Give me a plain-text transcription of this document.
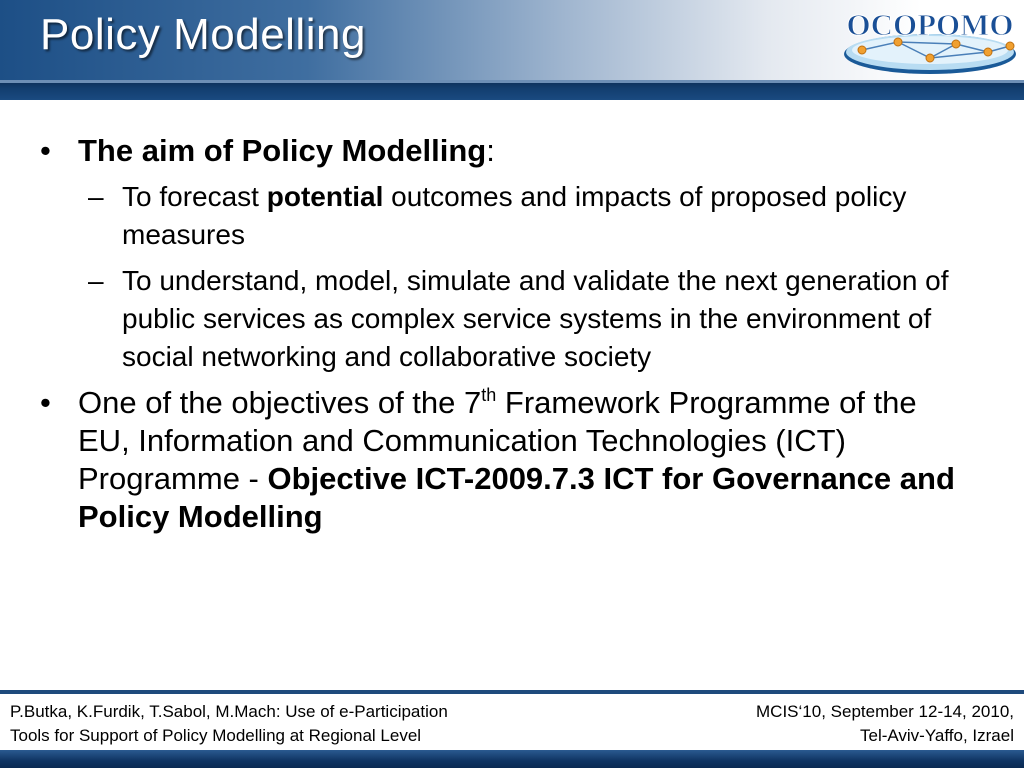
Policy Modelling	OCOPOMO
• The aim of Policy Modelling:
– To forecast potential outcomes and impacts of proposed policy measures
– To understand, model, simulate and validate the next generation of public services as complex service systems in the environment of social networking and collaborative society
• One of the objectives of the 7th Framework Programme of the EU, Information and Communication Technologies (ICT) Programme - Objective ICT-2009.7.3 ICT for Governance and Policy Modelling
P.Butka, K.Furdik, T.Sabol, M.Mach: Use of e-Participation
Tools for Support of Policy Modelling at Regional Level
MCIS‘10, September 12-14, 2010,
Tel-Aviv-Yaffo, Izrael
